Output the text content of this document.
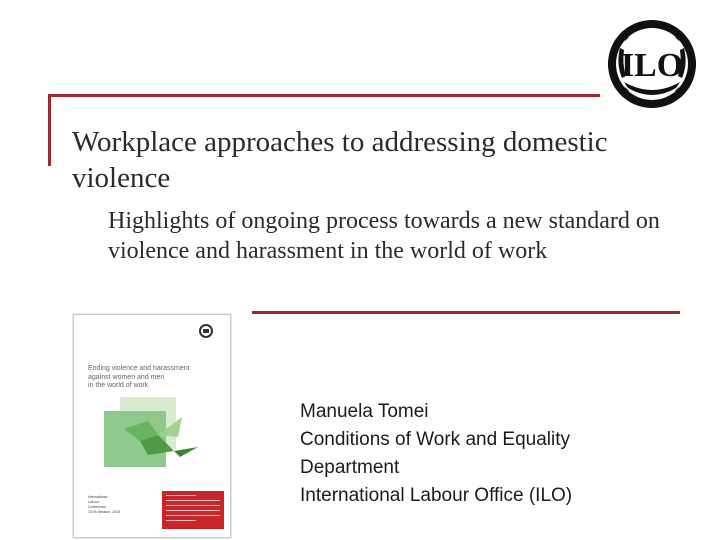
ILO
Workplace approaches to addressing domestic violence

Highlights of ongoing process towards a new standard on violence and harassment in the world of work

Ending violence and harassment
against women and men
in the world of work
International
Labour
Conference
107th Session, 2018
Manuela Tomei
Conditions of Work and Equality
Department
International Labour Office (ILO)
